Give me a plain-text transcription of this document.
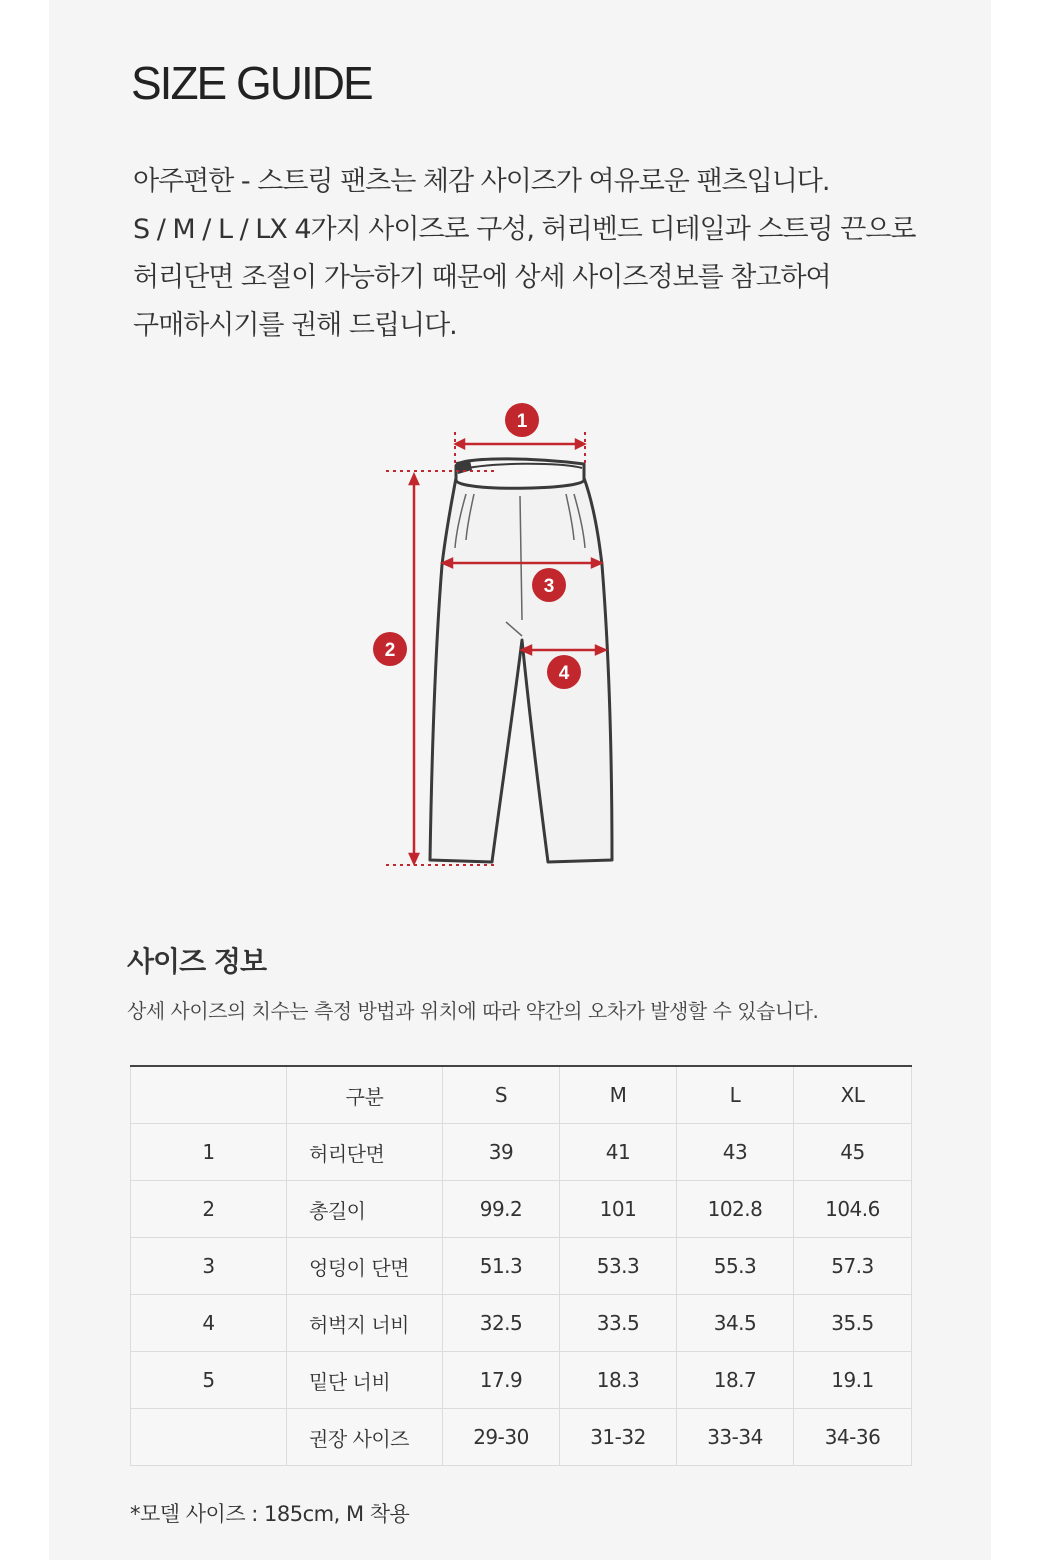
SIZE GUIDE
아주편한 - 스트링 팬츠는 체감 사이즈가 여유로운 팬츠입니다.
S / M / L / LX 4가지 사이즈로 구성, 허리벤드 디테일과 스트링 끈으로
허리단면 조절이 가능하기 때문에 상세 사이즈정보를 참고하여
구매하시기를 권해 드립니다.
1
2
3
4
사이즈 정보
상세 사이즈의 치수는 측정 방법과 위치에 따라 약간의 오차가 발생할 수 있습니다.
	구분	S	M	L	XL
1	허리단면	39	41	43	45
2	총길이	99.2	101	102.8	104.6
3	엉덩이 단면	51.3	53.3	55.3	57.3
4	허벅지 너비	32.5	33.5	34.5	35.5
5	밑단 너비	17.9	18.3	18.7	19.1
	권장 사이즈	29-30	31-32	33-34	34-36
*모델 사이즈 : 185cm, M 착용
